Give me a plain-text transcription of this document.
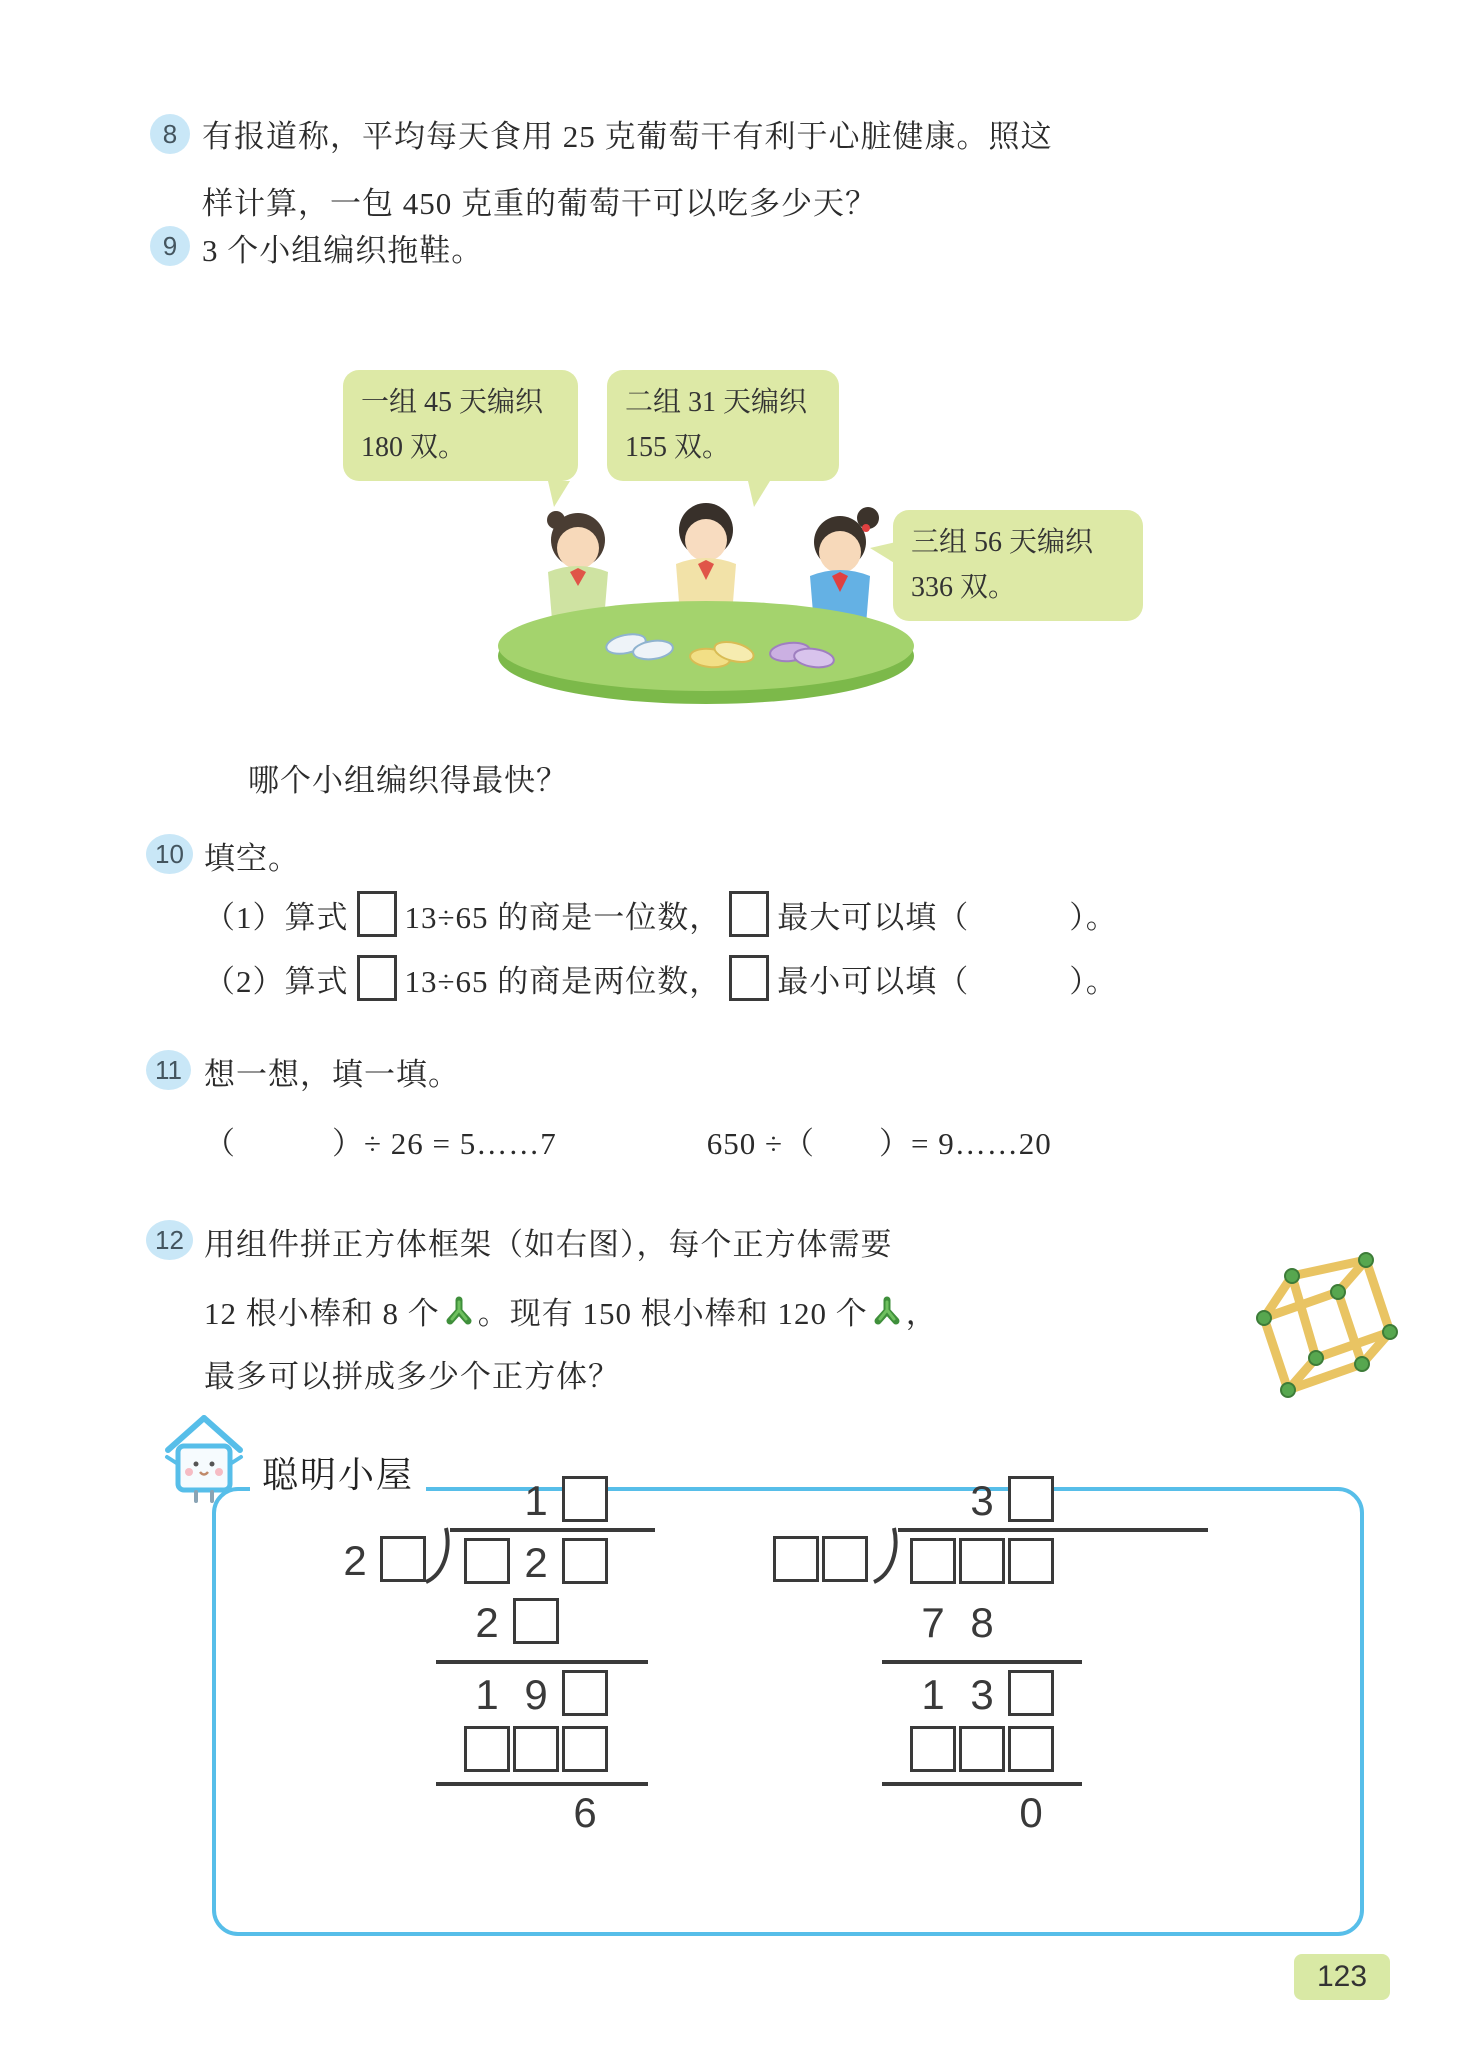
8 有报道称，平均每天食用 25 克葡萄干有利于心脏健康。照这
样计算，一包 450 克重的葡萄干可以吃多少天？
9 3 个小组编织拖鞋。
一组 45 天编织
180 双。
二组 31 天编织
155 双。
三组 56 天编织
336 双。
哪个小组编织得最快？
10 填空。
（1）算式 13÷65 的商是一位数， 最大可以填（	）。
（2）算式 13÷65 的商是两位数， 最小可以填（	）。
11 想一想，填一填。
（　　　）÷ 26 = 5……7	650 ÷（　　）= 9……20
12 用组件拼正方体框架（如右图），每个正方体需要
12 根小棒和 8 个 。现有 150 根小棒和 120 个 ，
最多可以拼成多少个正方体？
聪明小屋
1
2	2
2
1 9
6
3
7 8
1 3
0
123
